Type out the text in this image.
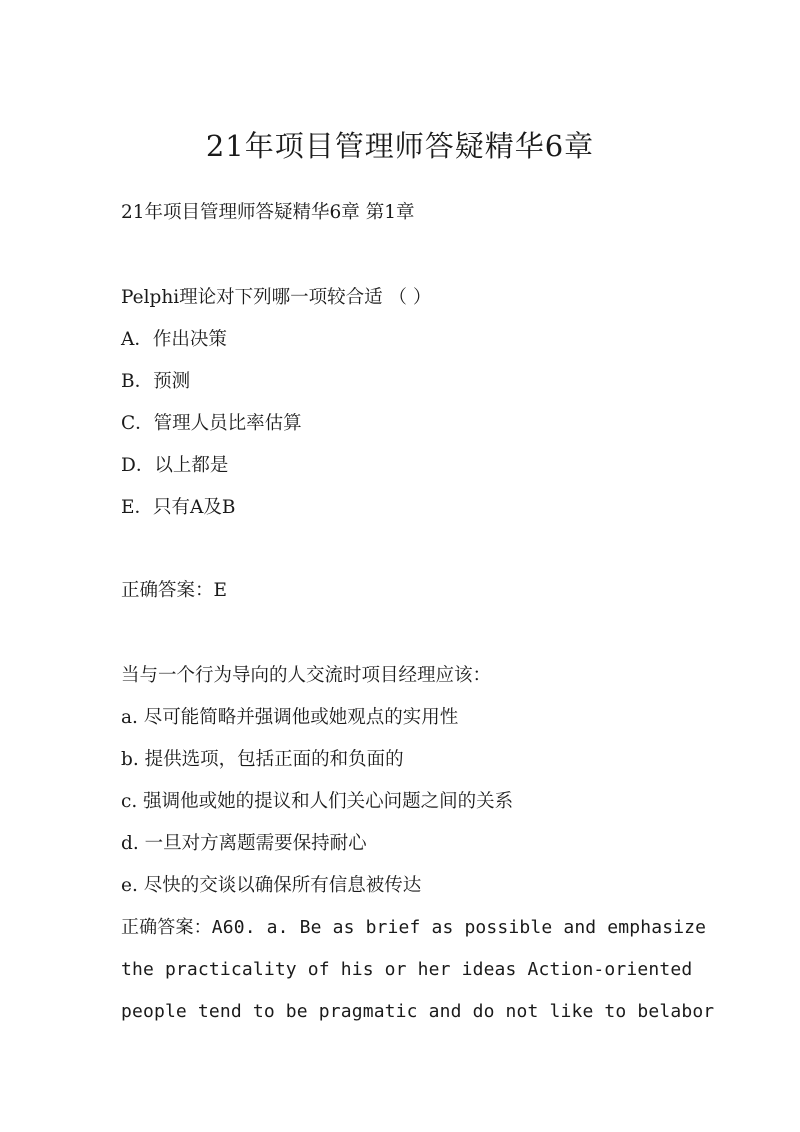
21年项目管理师答疑精华6章

21年项目管理师答疑精华6章 第1章

Pelphi理论对下列哪一项较合适 （ ）

A．作出决策

B．预测

C．管理人员比率估算

D．以上都是

E．只有A及B

正确答案：E

当与一个行为导向的人交流时项目经理应该：

a. 尽可能简略并强调他或她观点的实用性

b. 提供选项，包括正面的和负面的

c. 强调他或她的提议和人们关心问题之间的关系

d. 一旦对方离题需要保持耐心

e. 尽快的交谈以确保所有信息被传达

正确答案：A60. a. Be as brief as possible and emphasize

the practicality of his or her ideas Action-oriented

people tend to be pragmatic and do not like to belabor
